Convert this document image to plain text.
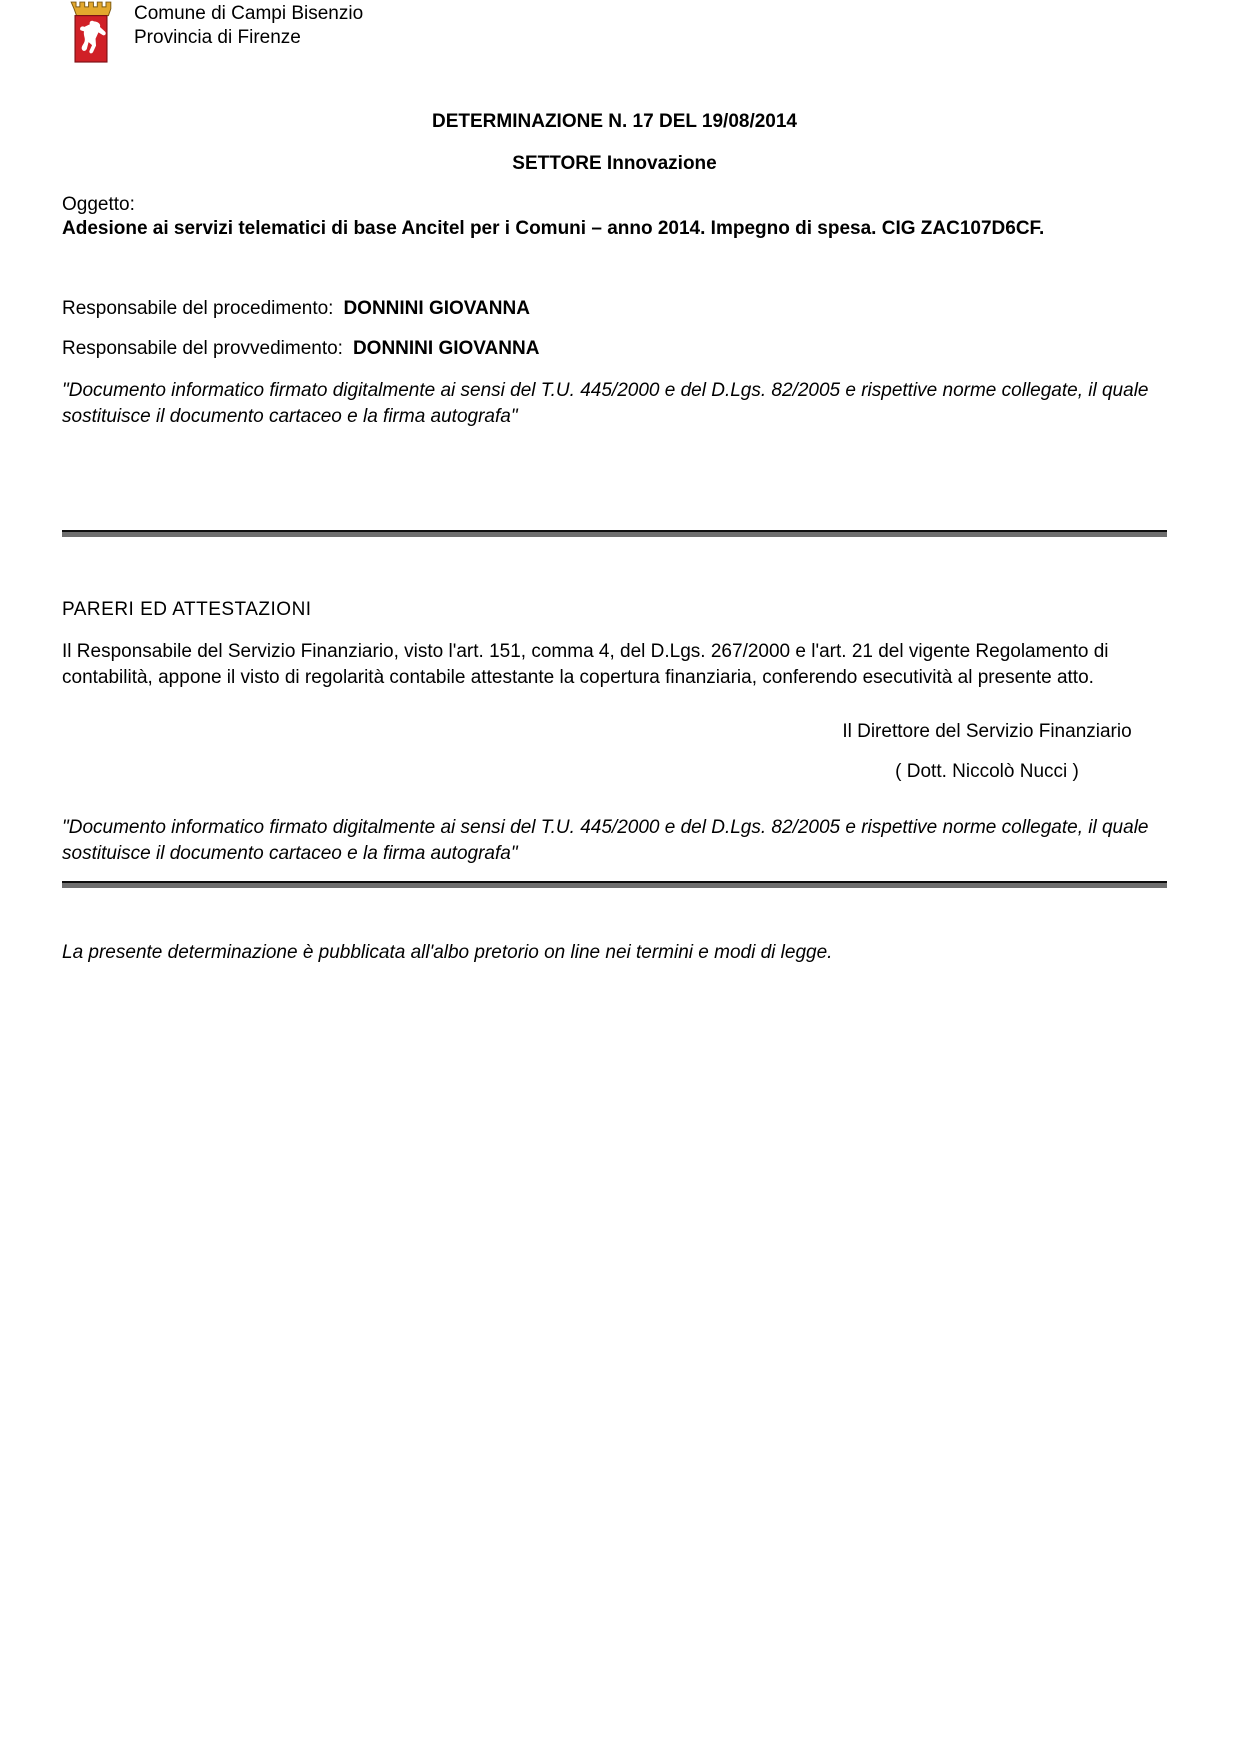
Comune di Campi Bisenzio
Provincia di Firenze
DETERMINAZIONE N. 17 DEL 19/08/2014
SETTORE Innovazione
Oggetto:
Adesione ai servizi telematici di base Ancitel per i Comuni – anno 2014. Impegno di spesa. CIG ZAC107D6CF.
Responsabile del procedimento: DONNINI GIOVANNA
Responsabile del provvedimento: DONNINI GIOVANNA
"Documento informatico firmato digitalmente ai sensi del T.U. 445/2000 e del D.Lgs. 82/2005 e rispettive norme collegate, il quale sostituisce il documento cartaceo e la firma autografa"
PARERI ED ATTESTAZIONI
Il Responsabile del Servizio Finanziario, visto l'art. 151, comma 4, del D.Lgs. 267/2000 e l'art. 21 del vigente Regolamento di contabilità, appone il visto di regolarità contabile attestante la copertura finanziaria, conferendo esecutività al presente atto.
Il Direttore del Servizio Finanziario
( Dott. Niccolò Nucci )
"Documento informatico firmato digitalmente ai sensi del T.U. 445/2000 e del D.Lgs. 82/2005 e rispettive norme collegate, il quale sostituisce il documento cartaceo e la firma autografa"
La presente determinazione è pubblicata all'albo pretorio on line nei termini e modi di legge.
